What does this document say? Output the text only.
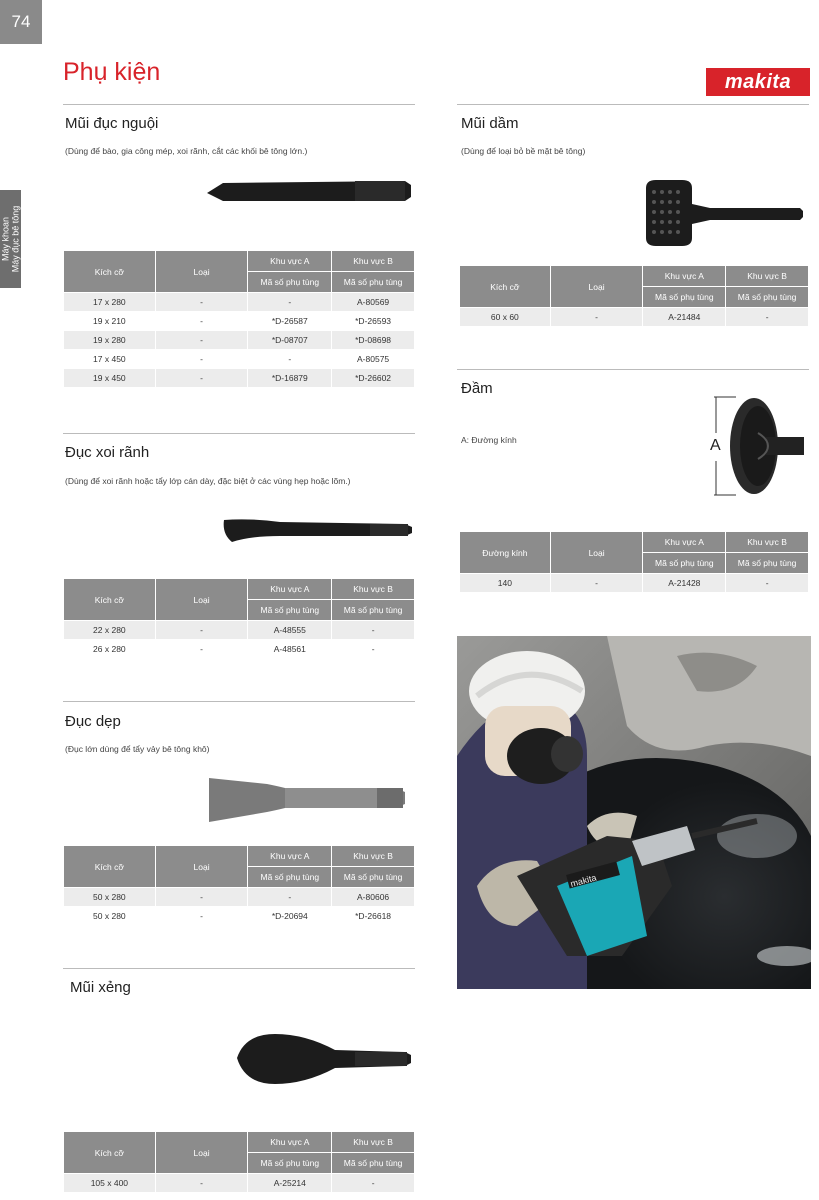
74
Máy khoan Máy đục bê tông
Phụ kiện	makita
Mũi đục nguội
(Dùng để bào, gia công mép, xoi rãnh, cắt các khối bê tông lớn.)
Kích cỡ	Loại	Khu vực A	Khu vực B
		Mã số phụ tùng	Mã số phụ tùng
17 x 280	-	-	A-80569
19 x 210	-	*D-26587	*D-26593
19 x 280	-	*D-08707	*D-08698
17 x 450	-	-	A-80575
19 x 450	-	*D-16879	*D-26602
Đục xoi rãnh
(Dùng để xoi rãnh hoặc tẩy lớp cán dày, đặc biệt ở các vùng hẹp hoặc lõm.)
Kích cỡ	Loại	Khu vực A	Khu vực B
		Mã số phụ tùng	Mã số phụ tùng
22 x 280	-	A-48555	-
26 x 280	-	A-48561	-
Đục dẹp
(Đục lớn dùng để tẩy vảy bê tông khô)
Kích cỡ	Loại	Khu vực A	Khu vực B
		Mã số phụ tùng	Mã số phụ tùng
50 x 280	-	-	A-80606
50 x 280	-	*D-20694	*D-26618
Mũi xẻng
Kích cỡ	Loại	Khu vực A	Khu vực B
		Mã số phụ tùng	Mã số phụ tùng
105 x 400	-	A-25214	-
Mũi dầm
(Dùng để loại bỏ bề mặt bê tông)
Kích cỡ	Loại	Khu vực A	Khu vực B
		Mã số phụ tùng	Mã số phụ tùng
60 x 60	-	A-21484	-
Đầm
A: Đường kính	A
Đường kính	Loại	Khu vực A	Khu vực B
		Mã số phụ tùng	Mã số phụ tùng
140	-	A-21428	-
makita
